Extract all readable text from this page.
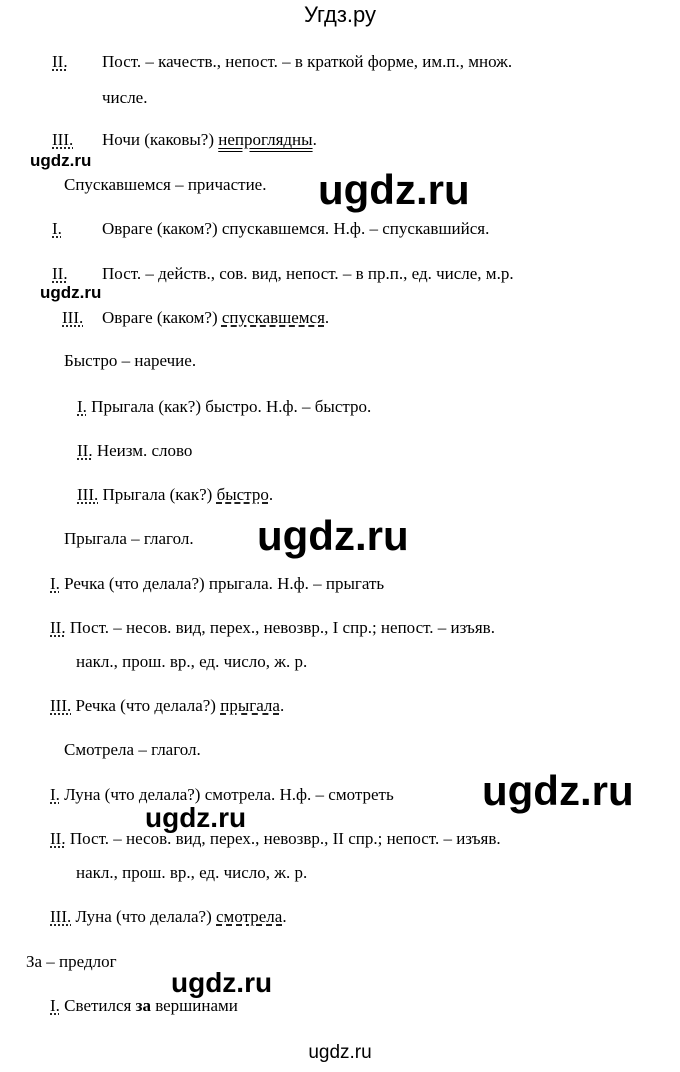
Угдз.ру
II. Пост. – качеств., непост. – в краткой форме, им.п., множ.
числе.
III. Ночи (каковы?) непроглядны.
ugdz.ru
Спускавшемся – причастие. ugdz.ru
I. Овраге (каком?) спускавшемся. Н.ф. – спускавшийся.
II. Пост. – действ., сов. вид, непост. – в пр.п., ед. числе, м.р.
ugdz.ru
III. Овраге (каком?) спускавшемся.
Быстро – наречие.
I. Прыгала (как?) быстро. Н.ф. – быстро.
II. Неизм. слово
III. Прыгала (как?) быстро.
Прыгала – глагол. ugdz.ru
I. Речка (что делала?) прыгала. Н.ф. – прыгать
II. Пост. – несов. вид, перех., невозвр., I спр.; непост. – изъяв.
накл., прош. вр., ед. число, ж. р.
III. Речка (что делала?) прыгала.
Смотрела – глагол.
I. Луна (что делала?) смотрела. Н.ф. – смотреть ugdz.ru
ugdz.ru
II. Пост. – несов. вид, перех., невозвр., II спр.; непост. – изъяв.
накл., прош. вр., ед. число, ж. р.
III. Луна (что делала?) смотрела.
За – предлог
ugdz.ru
I. Светился за вершинами
ugdz.ru
